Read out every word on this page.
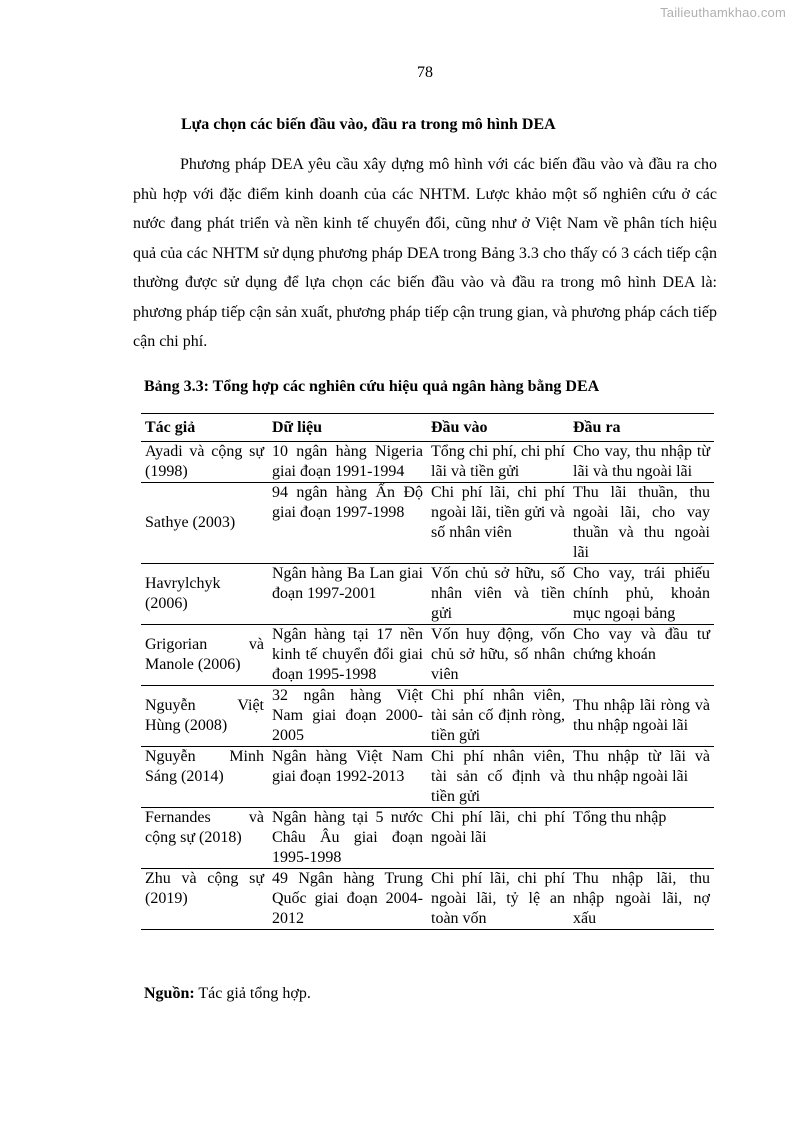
Tailieuthamkhao.com
78
Lựa chọn các biến đầu vào, đầu ra trong mô hình DEA

Phương pháp DEA yêu cầu xây dựng mô hình với các biến đầu vào và đầu ra cho phù hợp với đặc điểm kinh doanh của các NHTM. Lược khảo một số nghiên cứu ở các nước đang phát triển và nền kinh tế chuyển đổi, cũng như ở Việt Nam về phân tích hiệu quả của các NHTM sử dụng phương pháp DEA trong Bảng 3.3 cho thấy có 3 cách tiếp cận thường được sử dụng để lựa chọn các biến đầu vào và đầu ra trong mô hình DEA là: phương pháp tiếp cận sản xuất, phương pháp tiếp cận trung gian, và phương pháp cách tiếp cận chi phí.

Bảng 3.3: Tổng hợp các nghiên cứu hiệu quả ngân hàng bằng DEA
Tác giả	Dữ liệu	Đầu vào	Đầu ra
Ayadi và cộng sự (1998)	10 ngân hàng Nigeria giai đoạn 1991-1994	Tổng chi phí, chi phí lãi và tiền gửi	Cho vay, thu nhập từ lãi và thu ngoài lãi
Sathye (2003)	94 ngân hàng Ấn Độ giai đoạn 1997-1998	Chi phí lãi, chi phí ngoài lãi, tiền gửi và số nhân viên	Thu lãi thuần, thu ngoài lãi, cho vay thuần và thu ngoài lãi
Havrylchyk (2006)	Ngân hàng Ba Lan giai đoạn 1997-2001	Vốn chủ sở hữu, số nhân viên và tiền gửi	Cho vay, trái phiếu chính phủ, khoản mục ngoại bảng
Grigorian và Manole (2006)	Ngân hàng tại 17 nền kinh tế chuyển đổi giai đoạn 1995-1998	Vốn huy động, vốn chủ sở hữu, số nhân viên	Cho vay và đầu tư chứng khoán
Nguyễn Việt Hùng (2008)	32 ngân hàng Việt Nam giai đoạn 2000-2005	Chi phí nhân viên, tài sản cố định ròng, tiền gửi	Thu nhập lãi ròng và thu nhập ngoài lãi
Nguyễn Minh Sáng (2014)	Ngân hàng Việt Nam giai đoạn 1992-2013	Chi phí nhân viên, tài sản cố định và tiền gửi	Thu nhập từ lãi và thu nhập ngoài lãi
Fernandes và cộng sự (2018)	Ngân hàng tại 5 nước Châu Âu giai đoạn 1995-1998	Chi phí lãi, chi phí ngoài lãi	Tổng thu nhập
Zhu và cộng sự (2019)	49 Ngân hàng Trung Quốc giai đoạn 2004-2012	Chi phí lãi, chi phí ngoài lãi, tỷ lệ an toàn vốn	Thu nhập lãi, thu nhập ngoài lãi, nợ xấu
Nguồn: Tác giả tổng hợp.
